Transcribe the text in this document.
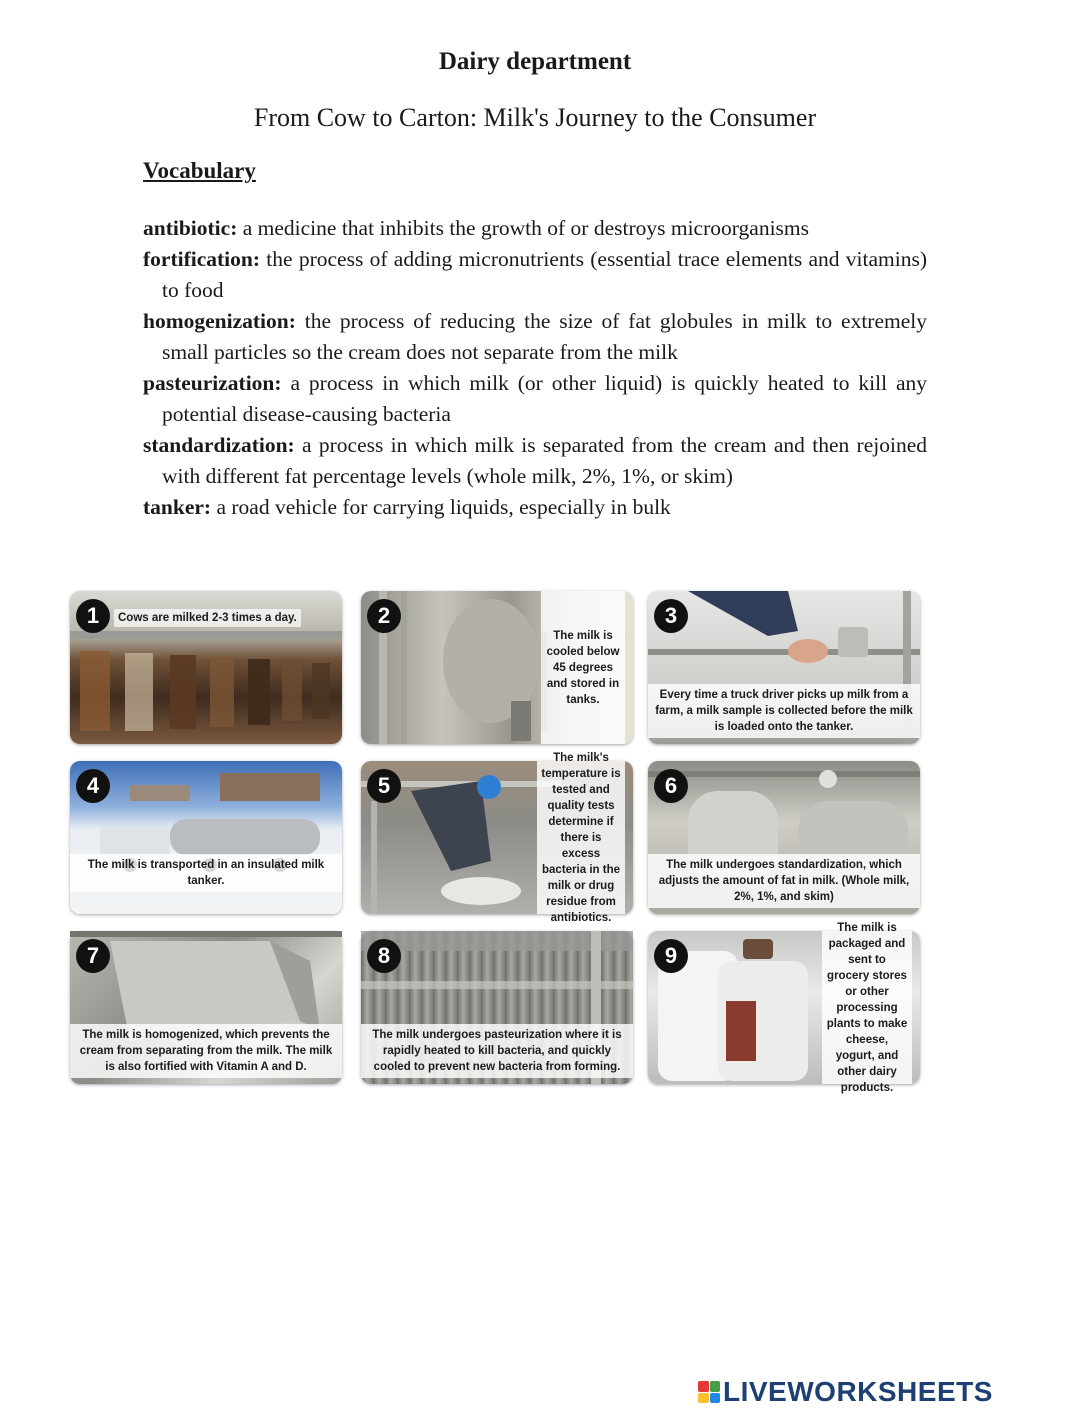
Dairy department
From Cow to Carton: Milk's Journey to the Consumer
Vocabulary

antibiotic: a medicine that inhibits the growth of or destroys microorganisms

fortification: the process of adding micronutrients (essential trace elements and vitamins) to food

homogenization: the process of reducing the size of fat globules in milk to extremely small particles so the cream does not separate from the milk

pasteurization: a process in which milk (or other liquid) is quickly heated to kill any potential disease-causing bacteria

standardization: a process in which milk is separated from the cream and then rejoined with different fat percentage levels (whole milk, 2%, 1%, or skim)

tanker: a road vehicle for carrying liquids, especially in bulk

1	Cows are milked 2-3 times a day.	2
The milk is cooled below 45 degrees and stored in tanks.
3
Every time a truck driver picks up milk from a farm, a milk sample is collected before the milk is loaded onto the tanker.
4
The milk is transported in an insulated milk tanker.
5
The milk's temperature is tested and quality tests determine if there is excess bacteria in the milk or drug residue from antibiotics.
6
The milk undergoes standardization, which adjusts the amount of fat in milk. (Whole milk, 2%, 1%, and skim)
7
The milk is homogenized, which prevents the cream from separating from the milk. The milk is also fortified with Vitamin A and D.
8
The milk undergoes pasteurization where it is rapidly heated to kill bacteria, and quickly cooled to prevent new bacteria from forming.
9
The milk is packaged and sent to grocery stores or other processing plants to make cheese, yogurt, and other dairy products.
LIVEWORKSHEETS
